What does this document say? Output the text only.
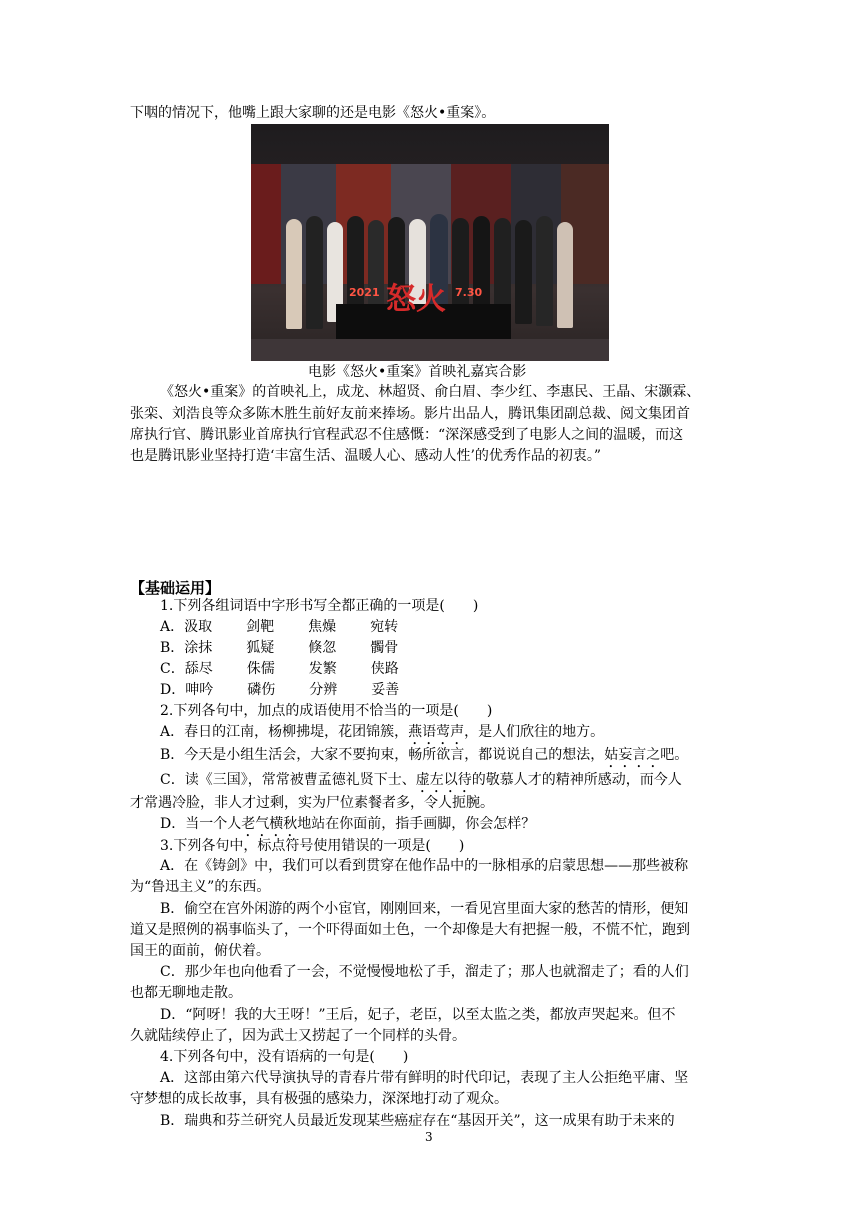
下咽的情况下，他嘴上跟大家聊的还是电影《怒火•重案》。
2021 怒火 7.30
电影《怒火•重案》首映礼嘉宾合影
《怒火•重案》的首映礼上，成龙、林超贤、俞白眉、李少红、李惠民、王晶、宋灏霖、
张栾、刘浩良等众多陈木胜生前好友前来捧场。影片出品人，腾讯集团副总裁、阅文集团首
席执行官、腾讯影业首席执行官程武忍不住感慨：“深深感受到了电影人之间的温暖，而这
也是腾讯影业坚持打造‘丰富生活、温暖人心、感动人性’的优秀作品的初衷。”
【基础运用】
1.下列各组词语中字形书写全都正确的一项是(　　)
A．汲取 剑靶 焦燥 宛转
B．涂抹 狐疑 倏忽 髑骨
C．舔尽 侏儒 发繁 侠路
D．呻吟 磷伤 分辨 妥善
2.下列各句中，加点的成语使用不恰当的一项是(　　)
A．春日的江南，杨柳拂堤，花团锦簇，燕语莺声，是人们欣往的地方。
B．今天是小组生活会，大家不要拘束，畅所欲言，都说说自己的想法，姑妄言之吧。
C．读《三国》，常常被曹孟德礼贤下士、虚左以待的敬慕人才的精神所感动，而今人
才常遇冷脸，非人才过剩，实为尸位素餐者多，令人扼腕。
D．当一个人老气横秋地站在你面前，指手画脚，你会怎样？
3.下列各句中，标点符号使用错误的一项是(　　)
A．在《铸剑》中，我们可以看到贯穿在他作品中的一脉相承的启蒙思想——那些被称
为“鲁迅主义”的东西。
B．偷空在宫外闲游的两个小宦官，刚刚回来，一看见宫里面大家的愁苦的情形，便知
道又是照例的祸事临头了，一个吓得面如土色，一个却像是大有把握一般，不慌不忙，跑到
国王的面前，俯伏着。
C．那少年也向他看了一会，不觉慢慢地松了手，溜走了；那人也就溜走了；看的人们
也都无聊地走散。
D．“阿呀！我的大王呀！”王后，妃子，老臣，以至太监之类，都放声哭起来。但不
久就陆续停止了，因为武士又捞起了一个同样的头骨。
4.下列各句中，没有语病的一句是(　　)
A．这部由第六代导演执导的青春片带有鲜明的时代印记，表现了主人公拒绝平庸、坚
守梦想的成长故事，具有极强的感染力，深深地打动了观众。
B．瑞典和芬兰研究人员最近发现某些癌症存在“基因开关”，这一成果有助于未来的
3
